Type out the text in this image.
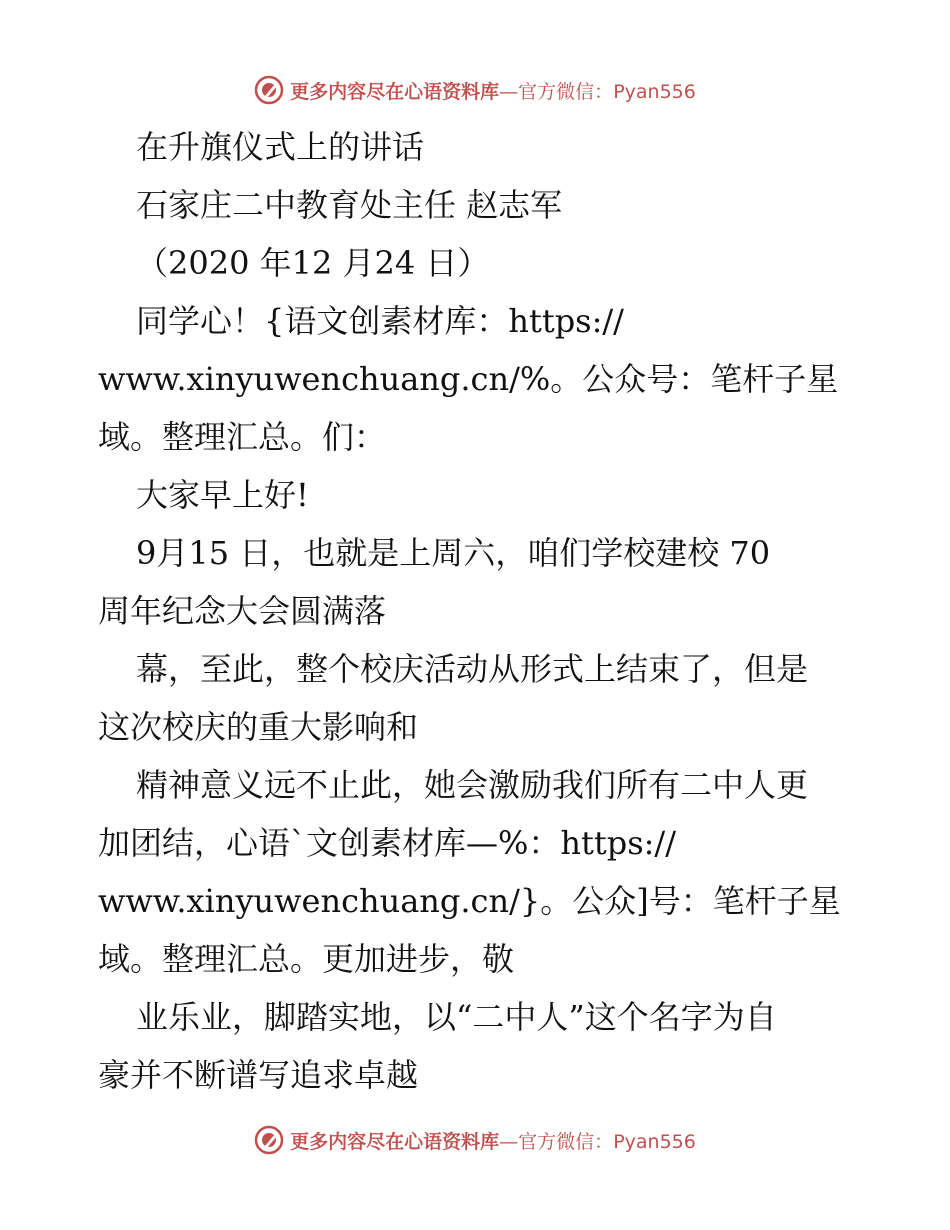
更多内容尽在心语资料库—官方微信：Pyan556
在升旗仪式上的讲话
石家庄二中教育处主任 赵志军
（2020 年12 月24 日）
同学心！{语文创素材库：https://
www.xinyuwenchuang.cn/%。公众号：笔杆子星
域。整理汇总。们：
大家早上好!
9月15 日，也就是上周六，咱们学校建校 70
周年纪念大会圆满落
幕，至此，整个校庆活动从形式上结束了，但是
这次校庆的重大影响和
精神意义远不止此，她会激励我们所有二中人更
加团结，心语`文创素材库—%：https://
www.xinyuwenchuang.cn/}。公众]号：笔杆子星
域。整理汇总。更加进步，敬
业乐业，脚踏实地，以“二中人”这个名字为自
豪并不断谱写追求卓越
更多内容尽在心语资料库—官方微信：Pyan556
